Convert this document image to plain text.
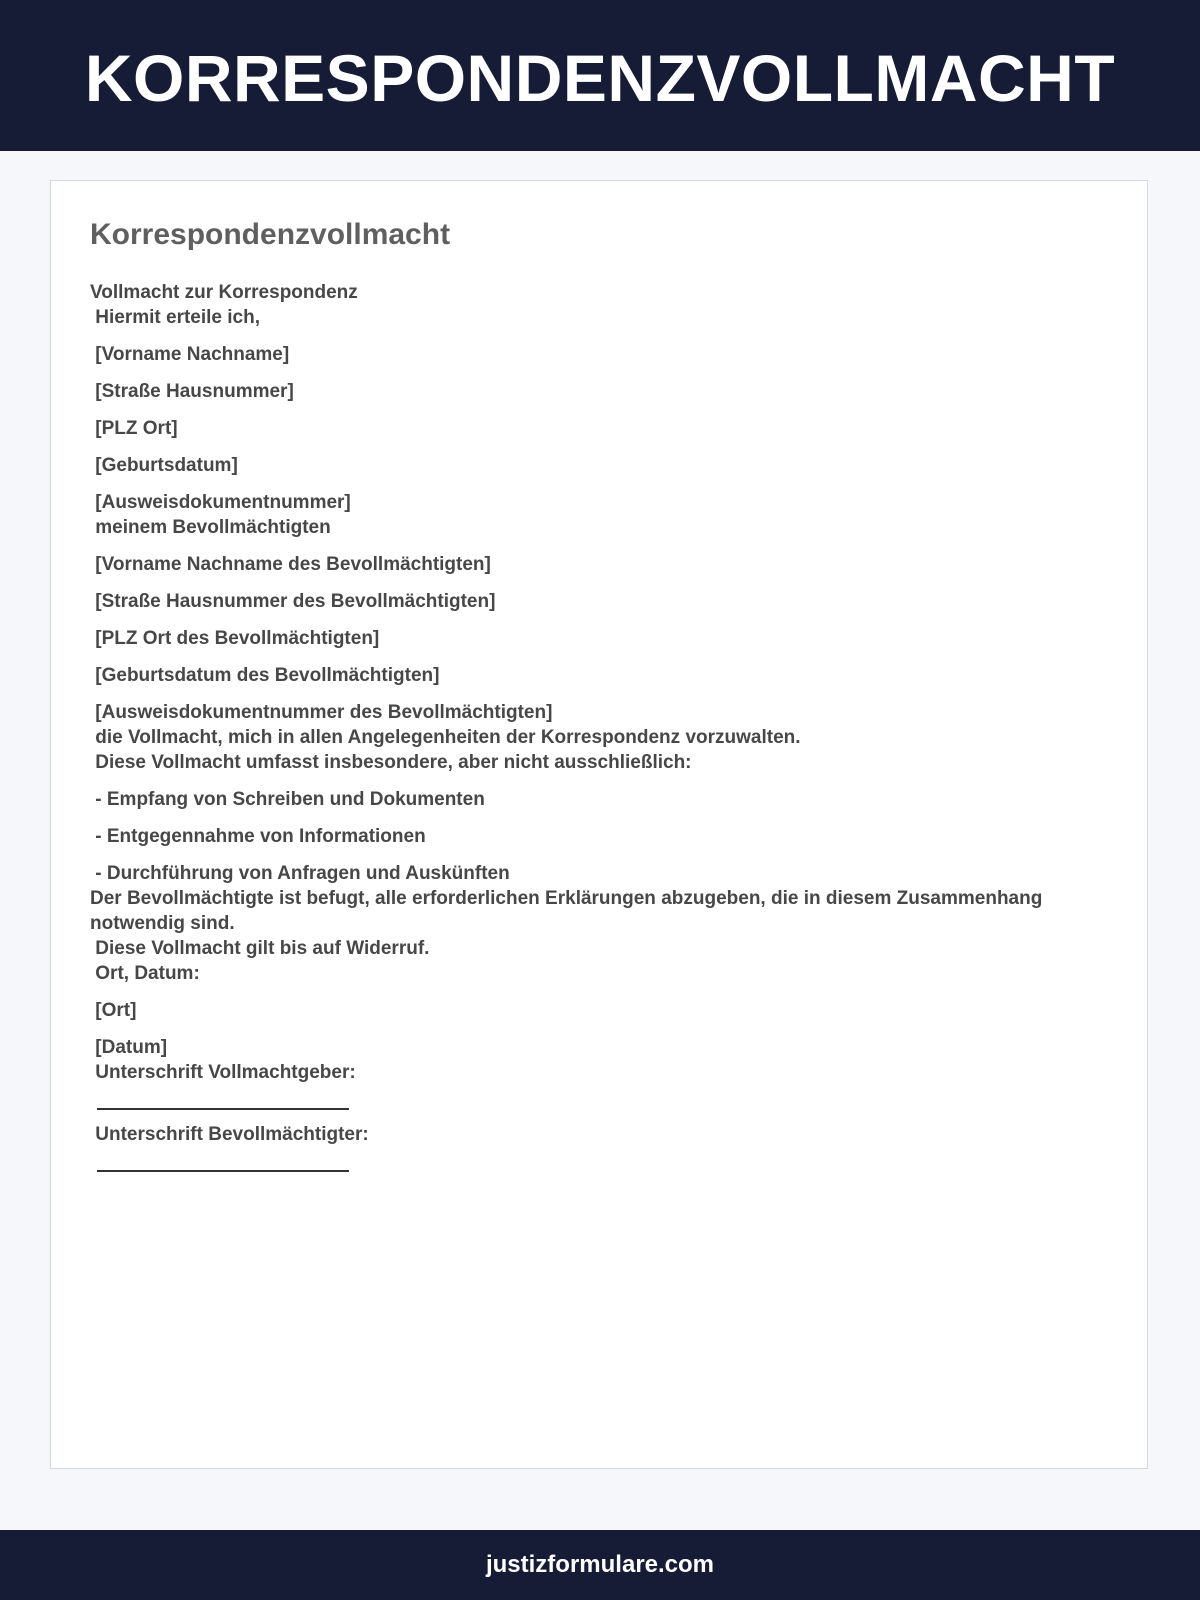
KORRESPONDENZVOLLMACHT
Korrespondenzvollmacht
Vollmacht zur Korrespondenz
Hiermit erteile ich,
[Vorname Nachname]
[Straße Hausnummer]
[PLZ Ort]
[Geburtsdatum]
[Ausweisdokumentnummer]
meinem Bevollmächtigten
[Vorname Nachname des Bevollmächtigten]
[Straße Hausnummer des Bevollmächtigten]
[PLZ Ort des Bevollmächtigten]
[Geburtsdatum des Bevollmächtigten]
[Ausweisdokumentnummer des Bevollmächtigten]
die Vollmacht, mich in allen Angelegenheiten der Korrespondenz vorzuwalten.
Diese Vollmacht umfasst insbesondere, aber nicht ausschließlich:
- Empfang von Schreiben und Dokumenten
- Entgegennahme von Informationen
- Durchführung von Anfragen und Auskünften
Der Bevollmächtigte ist befugt, alle erforderlichen Erklärungen abzugeben, die in diesem Zusammenhang notwendig sind.
Diese Vollmacht gilt bis auf Widerruf.
Ort, Datum:
[Ort]
[Datum]
Unterschrift Vollmachtgeber:
Unterschrift Bevollmächtigter:
justizformulare.com
